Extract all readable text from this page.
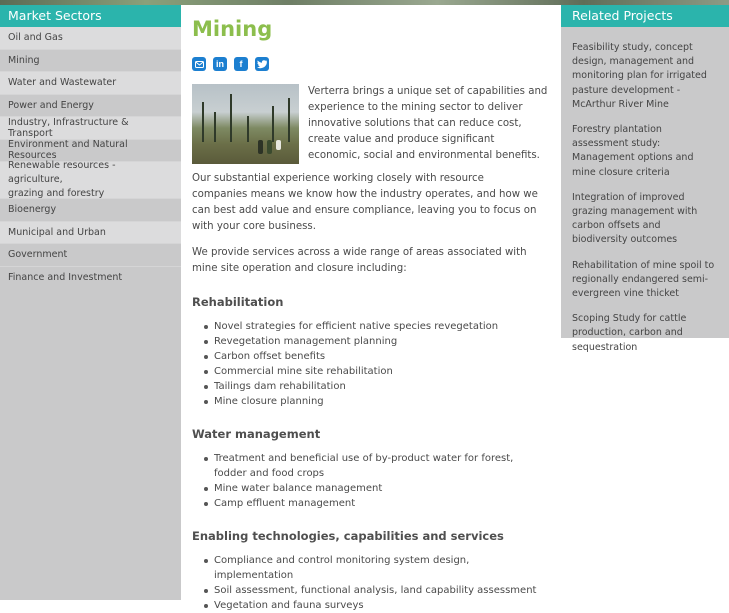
Market Sectors
Oil and Gas
Mining
Water and Wastewater
Power and Energy
Industry, Infrastructure & Transport
Environment and Natural Resources
Renewable resources - agriculture,
grazing and forestry
Bioenergy
Municipal and Urban
Government
Finance and Investment
Mining
in f

Verterra brings a unique set of capabilities and experience to the mining sector to deliver innovative solutions that can reduce cost, create value and produce significant economic, social and environmental benefits.

Our substantial experience working closely with resource companies means we know how the industry operates, and how we can best add value and ensure compliance, leaving you to focus on with your core business.

We provide services across a wide range of areas associated with mine site operation and closure including:

Rehabilitation
Novel strategies for efficient native species revegetation
Revegetation management planning
Carbon offset benefits
Commercial mine site rehabilitation
Tailings dam rehabilitation
Mine closure planning
Water management
Treatment and beneficial use of by-product water for forest, fodder and food crops
Mine water balance management
Camp effluent management
Enabling technologies, capabilities and services
Compliance and control monitoring system design, implementation
Soil assessment, functional analysis, land capability assessment
Vegetation and fauna surveys
Related Projects
Feasibility study, concept design, management and monitoring plan for irrigated pasture development - McArthur River Mine
Forestry plantation assessment study: Management options and mine closure criteria
Integration of improved grazing management with carbon offsets and biodiversity outcomes
Rehabilitation of mine spoil to regionally endangered semi-evergreen vine thicket
Scoping Study for cattle production, carbon and sequestration
